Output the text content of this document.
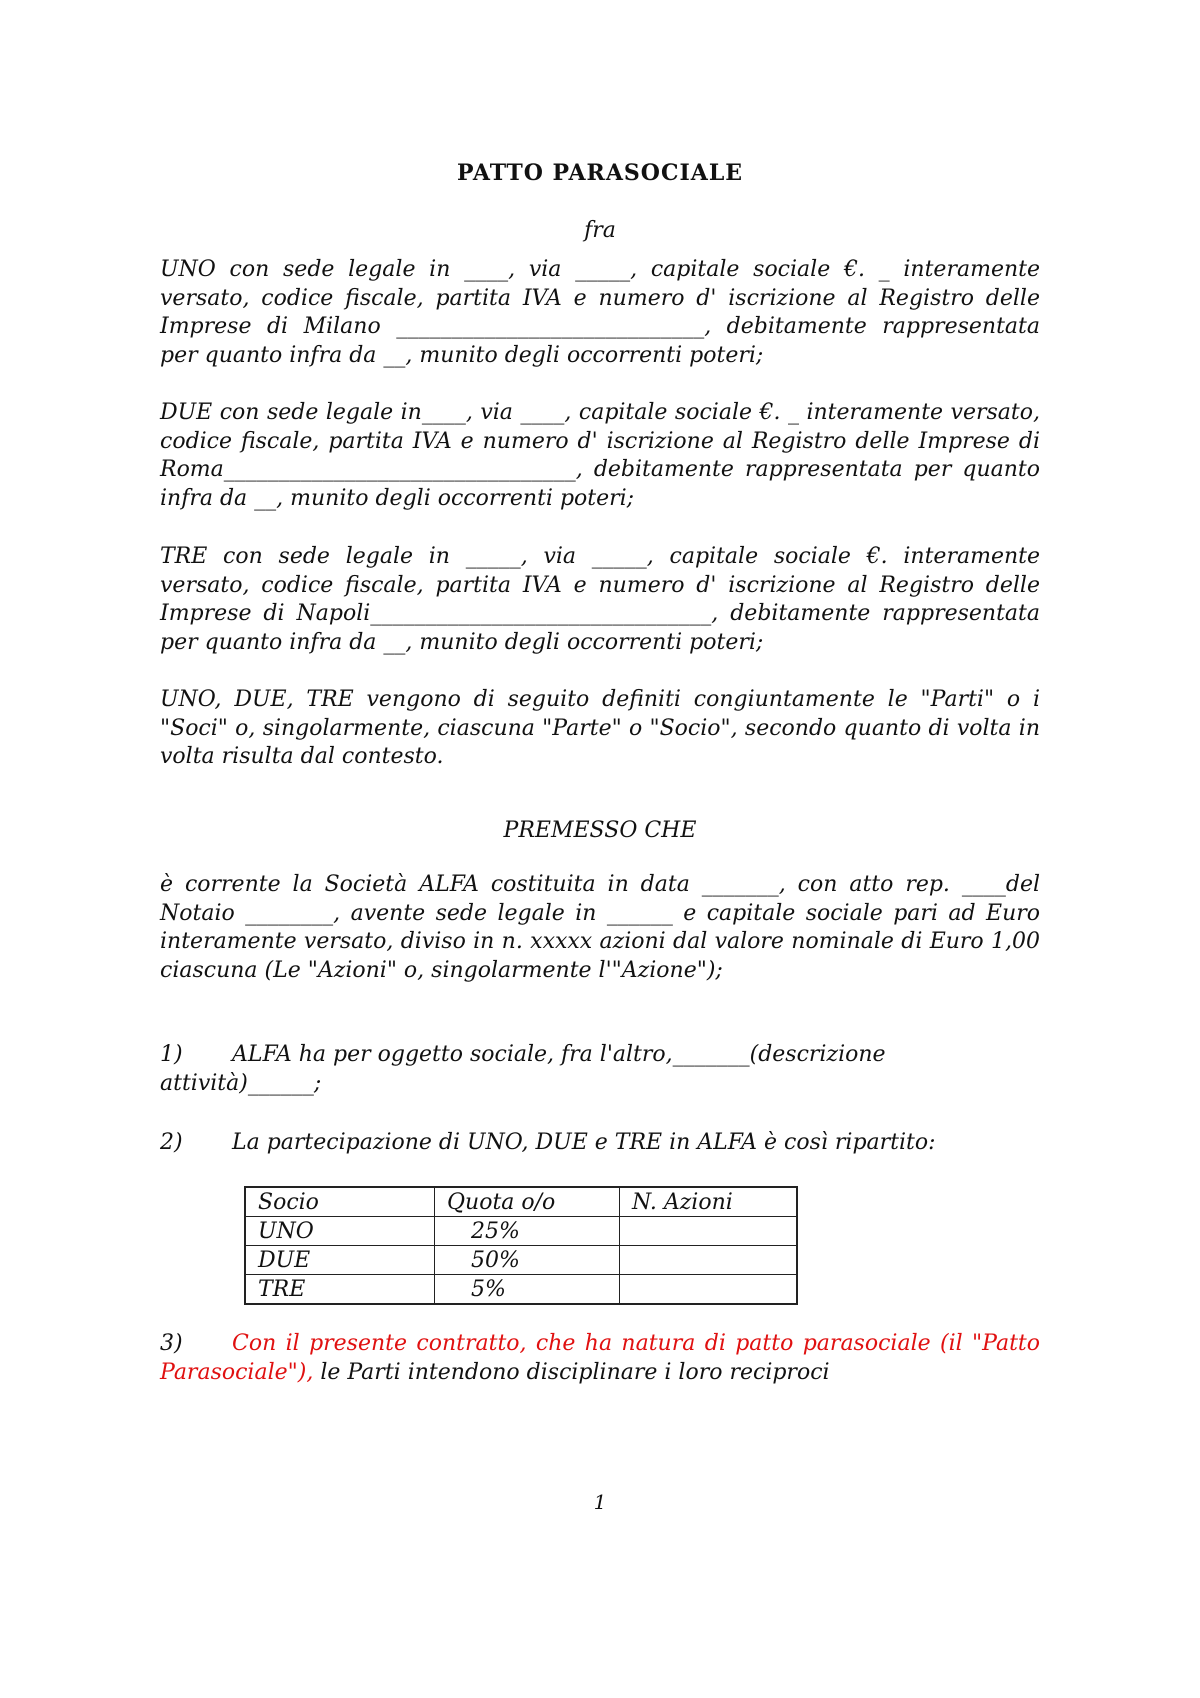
PATTO PARASOCIALE
fra
UNO con sede legale in ____, via _____, capitale sociale €. _ interamente versato, codice fiscale, partita IVA e numero d' iscrizione al Registro delle Imprese di Milano ____________________________, debitamente rappresentata per quanto infra da __, munito degli occorrenti poteri;
DUE con sede legale in____, via ____, capitale sociale €. _ interamente versato, codice fiscale, partita IVA e numero d' iscrizione al Registro delle Imprese di Roma________________________________, debitamente rappresentata per quanto infra da __, munito degli occorrenti poteri;
TRE con sede legale in _____, via _____, capitale sociale €. interamente versato, codice fiscale, partita IVA e numero d' iscrizione al Registro delle Imprese di Napoli_______________________________, debitamente rappresentata per quanto infra da __, munito degli occorrenti poteri;
UNO, DUE, TRE vengono di seguito definiti congiuntamente le "Parti" o i "Soci" o, singolarmente, ciascuna "Parte" o "Socio", secondo quanto di volta in volta risulta dal contesto.
PREMESSO CHE
è corrente la Società ALFA costituita in data _______, con atto rep. ____del Notaio ________, avente sede legale in ______ e capitale sociale pari ad Euro interamente versato, diviso in n. xxxxx azioni dal valore nominale di Euro 1,00 ciascuna (Le "Azioni" o, singolarmente l'"Azione");
1) ALFA ha per oggetto sociale, fra l'altro,_______(descrizione attività)______;
2) La partecipazione di UNO, DUE e TRE in ALFA è così ripartito:
Socio	Quota o/o	N. Azioni
UNO	25%	
DUE	50%	
TRE	5%	
3) Con il presente contratto, che ha natura di patto parasociale (il "Patto Parasociale"), le Parti intendono disciplinare i loro reciproci
1
